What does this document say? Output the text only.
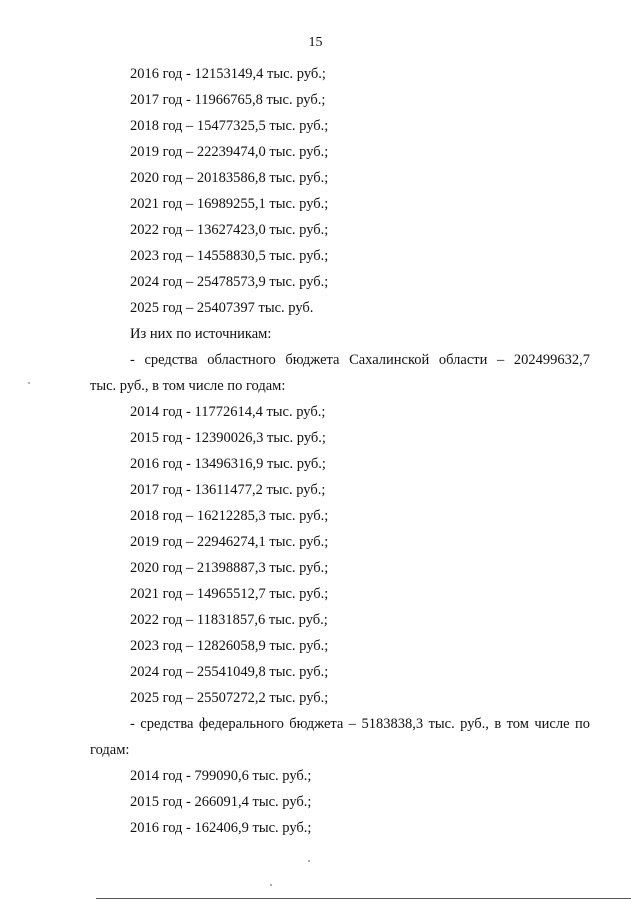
15
2016 год - 12153149,4 тыс. руб.;
2017 год - 11966765,8 тыс. руб.;
2018 год – 15477325,5 тыс. руб.;
2019 год – 22239474,0 тыс. руб.;
2020 год – 20183586,8 тыс. руб.;
2021 год – 16989255,1 тыс. руб.;
2022 год – 13627423,0 тыс. руб.;
2023 год – 14558830,5 тыс. руб.;
2024 год – 25478573,9 тыс. руб.;
2025 год – 25407397 тыс. руб.
Из них по источникам:
- средства областного бюджета Сахалинской области – 202499632,7
тыс. руб., в том числе по годам:
2014 год - 11772614,4 тыс. руб.;
2015 год - 12390026,3 тыс. руб.;
2016 год - 13496316,9 тыс. руб.;
2017 год - 13611477,2 тыс. руб.;
2018 год – 16212285,3 тыс. руб.;
2019 год – 22946274,1 тыс. руб.;
2020 год – 21398887,3 тыс. руб.;
2021 год – 14965512,7 тыс. руб.;
2022 год – 11831857,6 тыс. руб.;
2023 год – 12826058,9 тыс. руб.;
2024 год – 25541049,8 тыс. руб.;
2025 год – 25507272,2 тыс. руб.;
- средства федерального бюджета – 5183838,3 тыс. руб., в том числе по
годам:
2014 год - 799090,6 тыс. руб.;
2015 год - 266091,4 тыс. руб.;
2016 год - 162406,9 тыс. руб.;
